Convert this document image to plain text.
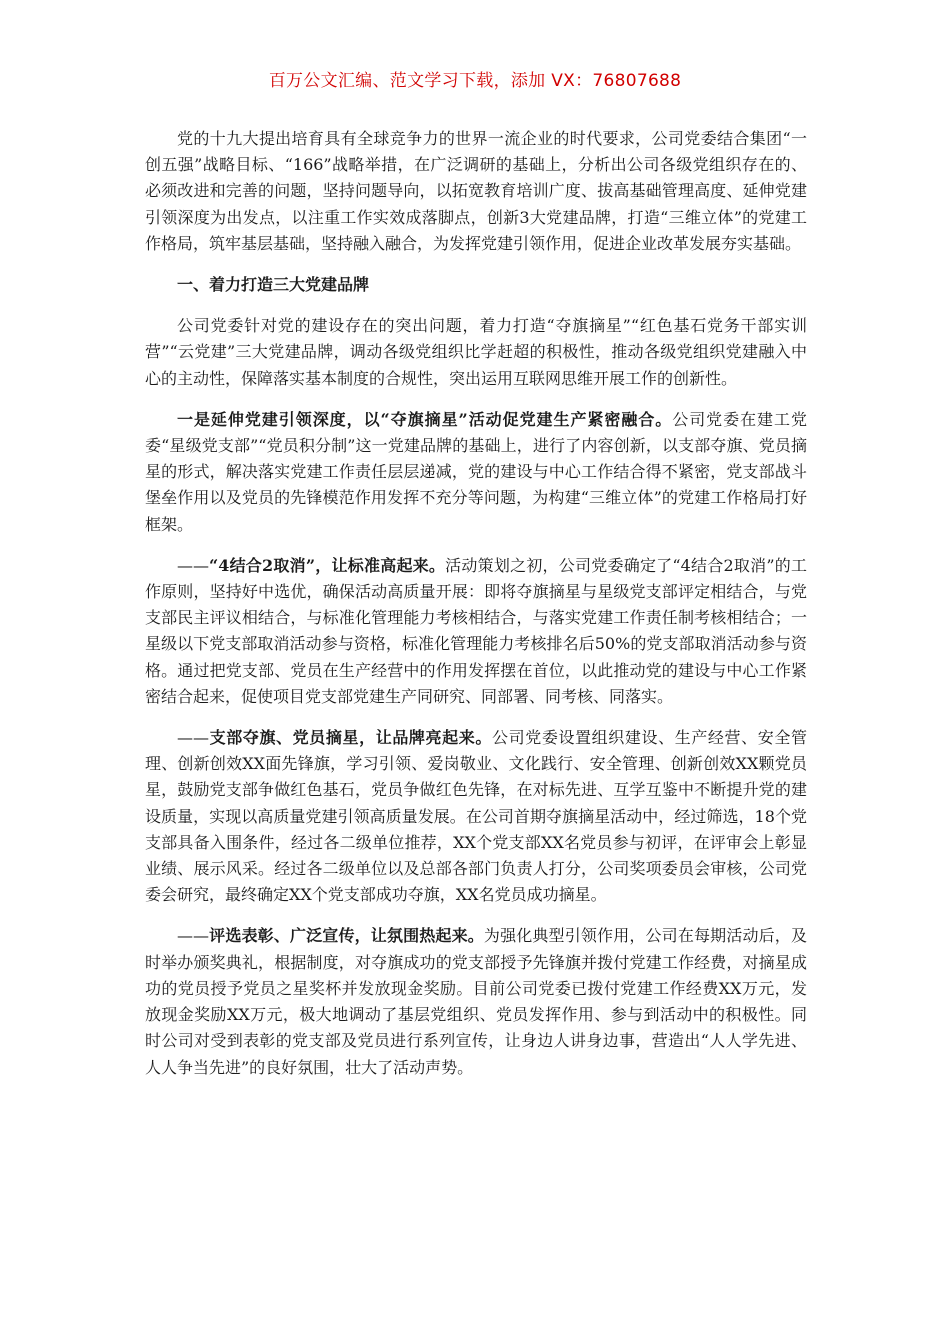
百万公文汇编、范文学习下载，添加 VX：76807688

党的十九大提出培育具有全球竞争力的世界一流企业的时代要求，公司党委结合集团“一创五强”战略目标、“166”战略举措，在广泛调研的基础上，分析出公司各级党组织存在的、必须改进和完善的问题，坚持问题导向，以拓宽教育培训广度、拔高基础管理高度、延伸党建引领深度为出发点，以注重工作实效成落脚点，创新3大党建品牌，打造“三维立体”的党建工作格局，筑牢基层基础，坚持融入融合，为发挥党建引领作用，促进企业改革发展夯实基础。

一、着力打造三大党建品牌

公司党委针对党的建设存在的突出问题，着力打造“夺旗摘星”“红色基石党务干部实训营”“云党建”三大党建品牌，调动各级党组织比学赶超的积极性，推动各级党组织党建融入中心的主动性，保障落实基本制度的合规性，突出运用互联网思维开展工作的创新性。

一是延伸党建引领深度，以“夺旗摘星”活动促党建生产紧密融合。公司党委在建工党委“星级党支部”“党员积分制”这一党建品牌的基础上，进行了内容创新，以支部夺旗、党员摘星的形式，解决落实党建工作责任层层递减，党的建设与中心工作结合得不紧密，党支部战斗堡垒作用以及党员的先锋模范作用发挥不充分等问题，为构建“三维立体”的党建工作格局打好框架。

——“4结合2取消”，让标准高起来。活动策划之初，公司党委确定了“4结合2取消”的工作原则，坚持好中选优，确保活动高质量开展：即将夺旗摘星与星级党支部评定相结合，与党支部民主评议相结合，与标准化管理能力考核相结合，与落实党建工作责任制考核相结合；一星级以下党支部取消活动参与资格，标准化管理能力考核排名后50%的党支部取消活动参与资格。通过把党支部、党员在生产经营中的作用发挥摆在首位，以此推动党的建设与中心工作紧密结合起来，促使项目党支部党建生产同研究、同部署、同考核、同落实。

——支部夺旗、党员摘星，让品牌亮起来。公司党委设置组织建设、生产经营、安全管理、创新创效XX面先锋旗，学习引领、爱岗敬业、文化践行、安全管理、创新创效XX颗党员星，鼓励党支部争做红色基石，党员争做红色先锋，在对标先进、互学互鉴中不断提升党的建设质量，实现以高质量党建引领高质量发展。在公司首期夺旗摘星活动中，经过筛选，18个党支部具备入围条件，经过各二级单位推荐，XX个党支部XX名党员参与初评，在评审会上彰显业绩、展示风采。经过各二级单位以及总部各部门负责人打分，公司奖项委员会审核，公司党委会研究，最终确定XX个党支部成功夺旗，XX名党员成功摘星。

——评选表彰、广泛宣传，让氛围热起来。为强化典型引领作用，公司在每期活动后，及时举办颁奖典礼，根据制度，对夺旗成功的党支部授予先锋旗并拨付党建工作经费，对摘星成功的党员授予党员之星奖杯并发放现金奖励。目前公司党委已拨付党建工作经费XX万元，发放现金奖励XX万元，极大地调动了基层党组织、党员发挥作用、参与到活动中的积极性。同时公司对受到表彰的党支部及党员进行系列宣传，让身边人讲身边事，营造出“人人学先进、人人争当先进”的良好氛围，壮大了活动声势。
